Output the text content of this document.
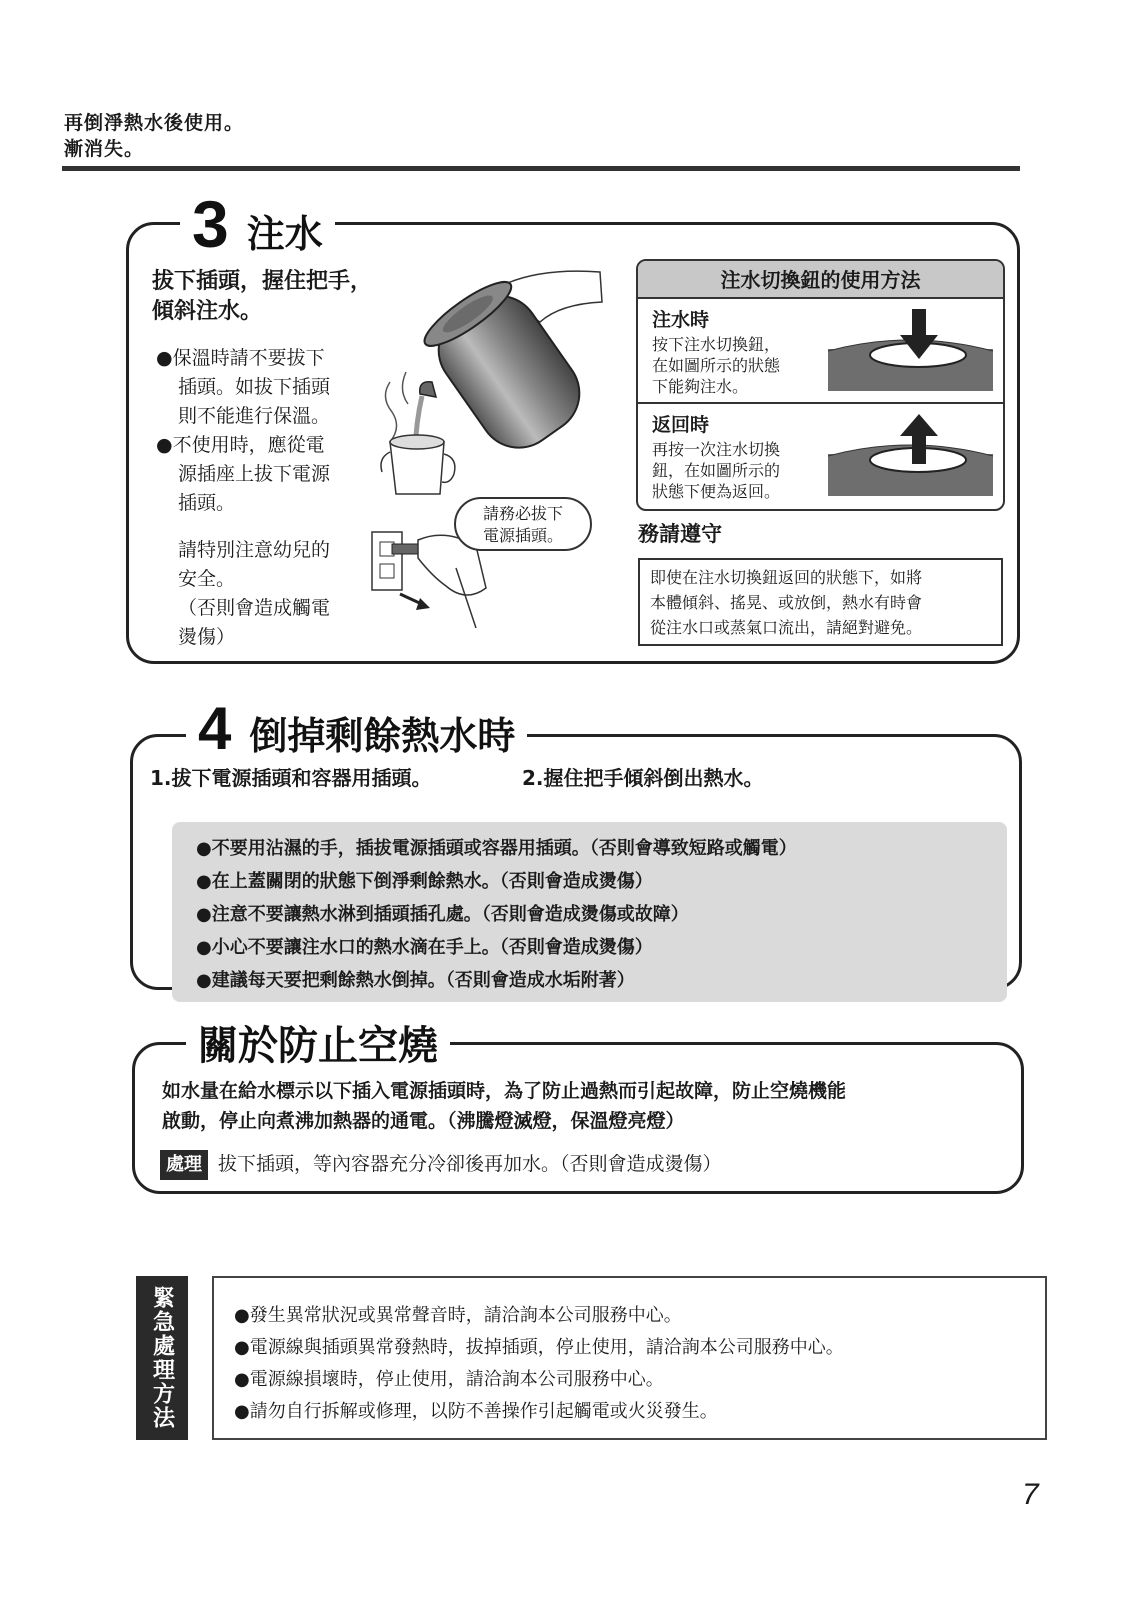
再倒淨熱水後使用。
漸消失。
3 注水
拔下插頭，握住把手，
傾斜注水。
●保溫時請不要拔下
插頭。如拔下插頭
則不能進行保溫。
●不使用時，應從電
源插座上拔下電源
插頭。
請特別注意幼兒的
安全。
（否則會造成觸電
燙傷）
請務必拔下
電源插頭。
注水切換鈕的使用方法
注水時
按下注水切換鈕，
在如圖所示的狀態
下能夠注水。
返回時
再按一次注水切換
鈕，在如圖所示的
狀態下便為返回。
務請遵守
即使在注水切換鈕返回的狀態下，如將
本體傾斜、搖晃、或放倒，熱水有時會
從注水口或蒸氣口流出，請絕對避免。
4 倒掉剩餘熱水時
1.拔下電源插頭和容器用插頭。	2.握住把手傾斜倒出熱水。
●不要用沾濕的手，插拔電源插頭或容器用插頭。（否則會導致短路或觸電）
●在上蓋關閉的狀態下倒淨剩餘熱水。（否則會造成燙傷）
●注意不要讓熱水淋到插頭插孔處。（否則會造成燙傷或故障）
●小心不要讓注水口的熱水滴在手上。（否則會造成燙傷）
●建議每天要把剩餘熱水倒掉。（否則會造成水垢附著）
關於防止空燒
如水量在給水標示以下插入電源插頭時，為了防止過熱而引起故障，防止空燒機能
啟動，停止向煮沸加熱器的通電。（沸騰燈滅燈，保溫燈亮燈）
處理 拔下插頭，等內容器充分冷卻後再加水。（否則會造成燙傷）
緊急處理方法	●發生異常狀況或異常聲音時，請洽詢本公司服務中心。
●電源線與插頭異常發熱時，拔掉插頭，停止使用，請洽詢本公司服務中心。
●電源線損壞時，停止使用，請洽詢本公司服務中心。
●請勿自行拆解或修理，以防不善操作引起觸電或火災發生。
7
